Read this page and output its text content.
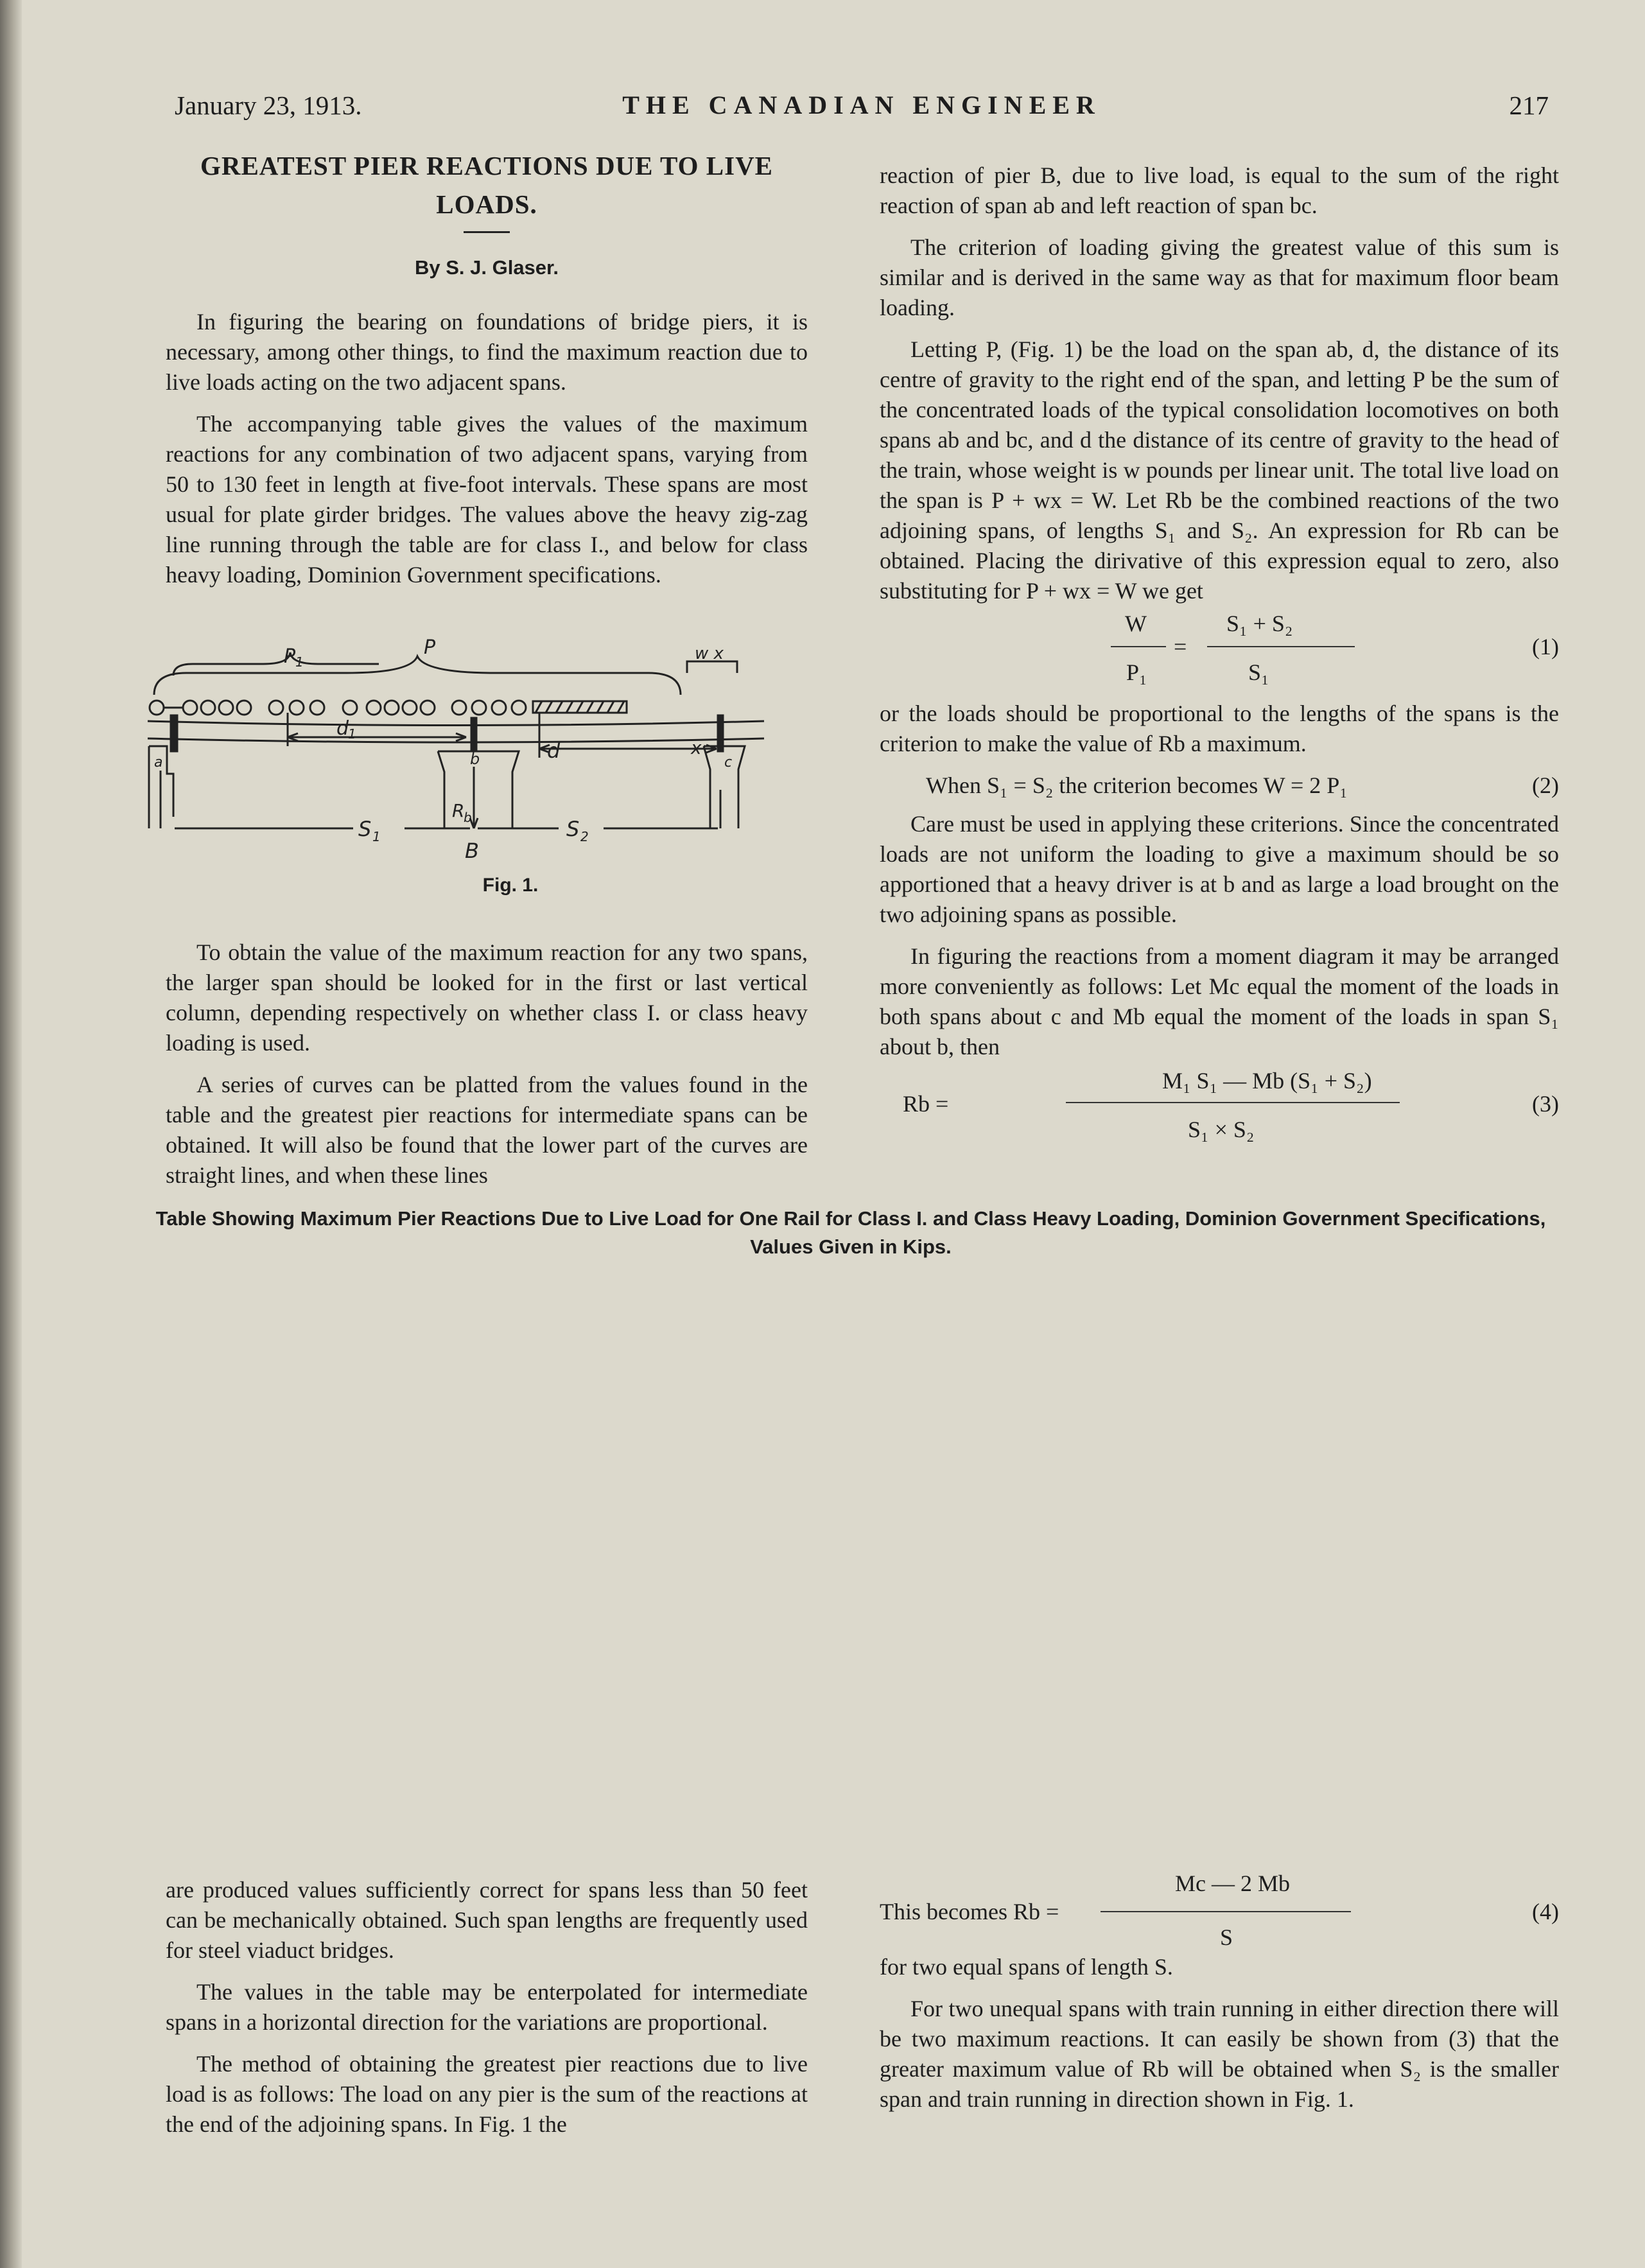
January 23, 1913.	THE CANADIAN ENGINEER	217
GREATEST PIER REACTIONS DUE TO LIVE LOADS.
By S. J. Glaser.

In figuring the bearing on foundations of bridge piers, it is necessary, among other things, to find the maximum reaction due to live loads acting on the two adjacent spans.

The accompanying table gives the values of the maximum reactions for any combination of two adjacent spans, varying from 50 to 130 feet in length at five-foot intervals. These spans are most usual for plate girder bridges. The values above the heavy zig-zag line running through the table are for class I., and below for class heavy loading, Dominion Government specifications.

P 1
P	w x
d
1
d	x
a	b	c
R
b
S 1	S 2
B
Fig. 1.

To obtain the value of the maximum reaction for any two spans, the larger span should be looked for in the first or last vertical column, depending respectively on whether class I. or class heavy loading is used.

A series of curves can be platted from the values found in the table and the greatest pier reactions for intermediate spans can be obtained. It will also be found that the lower part of the curves are straight lines, and when these lines

reaction of pier B, due to live load, is equal to the sum of the right reaction of span ab and left reaction of span bc.

The criterion of loading giving the greatest value of this sum is similar and is derived in the same way as that for maximum floor beam loading.

Letting P, (Fig. 1) be the load on the span ab, d, the distance of its centre of gravity to the right end of the span, and letting P be the sum of the concentrated loads of the typical consolidation locomotives on both spans ab and bc, and d the distance of its centre of gravity to the head of the train, whose weight is w pounds per linear unit. The total live load on the span is P + wx = W. Let Rb be the combined reactions of the two adjoining spans, of lengths S₁ and S₂. An expression for Rb can be obtained. Placing the dirivative of this expression equal to zero, also substituting for P + wx = W we get

W	S₁ + S₂
=
P₁	S₁
(1)

or the loads should be proportional to the lengths of the spans is the criterion to make the value of Rb a maximum.

When S₁ = S₂ the criterion becomes W = 2 P₁	(2)

Care must be used in applying these criterions. Since the concentrated loads are not uniform the loading to give a maximum should be so apportioned that a heavy driver is at b and as large a load brought on the two adjoining spans as possible.

In figuring the reactions from a moment diagram it may be arranged more conveniently as follows: Let Mc equal the moment of the loads in both spans about c and Mb equal the moment of the loads in span S₁ about b, then

Rb =
M₁ S₁ — Mb (S₁ + S₂)
S₁ × S₂
(3)
Table Showing Maximum Pier Reactions Due to Live Load for One Rail for Class I. and Class Heavy Loading, Dominion Government Specifications, Values Given in Kips.

are produced values sufficiently correct for spans less than 50 feet can be mechanically obtained. Such span lengths are frequently used for steel viaduct bridges.

The values in the table may be enterpolated for intermediate spans in a horizontal direction for the variations are proportional.

The method of obtaining the greatest pier reactions due to live load is as follows: The load on any pier is the sum of the reactions at the end of the adjoining spans. In Fig. 1 the

Mc — 2 Mb
This becomes Rb =
S
(4)

for two equal spans of length S.

For two unequal spans with train running in either direction there will be two maximum reactions. It can easily be shown from (3) that the greater maximum value of Rb will be obtained when S₂ is the smaller span and train running in direction shown in Fig. 1.
